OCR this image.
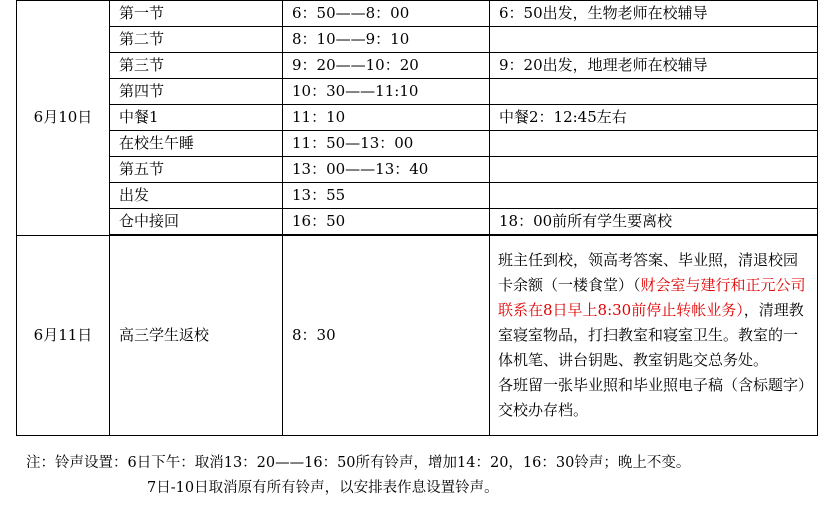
6月10日	第一节	6：50——8：00	6：50出发，生物老师在校辅导
	第二节	8：10——9：10	
	第三节	9：20——10：20	9：20出发，地理老师在校辅导
	第四节	10：30——11:10	
	中餐1	11：10	中餐2：12:45左右
	在校生午睡	11：50—13：00	
	第五节	13：00——13：40	
	出发	13：55	
	仓中接回	16：50	18：00前所有学生要离校
6月11日	高三学生返校	8：30	班主任到校，领高考答案、毕业照，清退校园卡余额（一楼食堂）（财会室与建行和正元公司联系在8日早上8:30前停止转帐业务），清理教室寝室物品，打扫教室和寝室卫生。教室的一体机笔、讲台钥匙、教室钥匙交总务处。
各班留一张毕业照和毕业照电子稿（含标题字）交校办存档。
注：铃声设置：6日下午：取消13：20——16：50所有铃声，增加14：20，16：30铃声；晚上不变。
7日-10日取消原有所有铃声，以安排表作息设置铃声。
